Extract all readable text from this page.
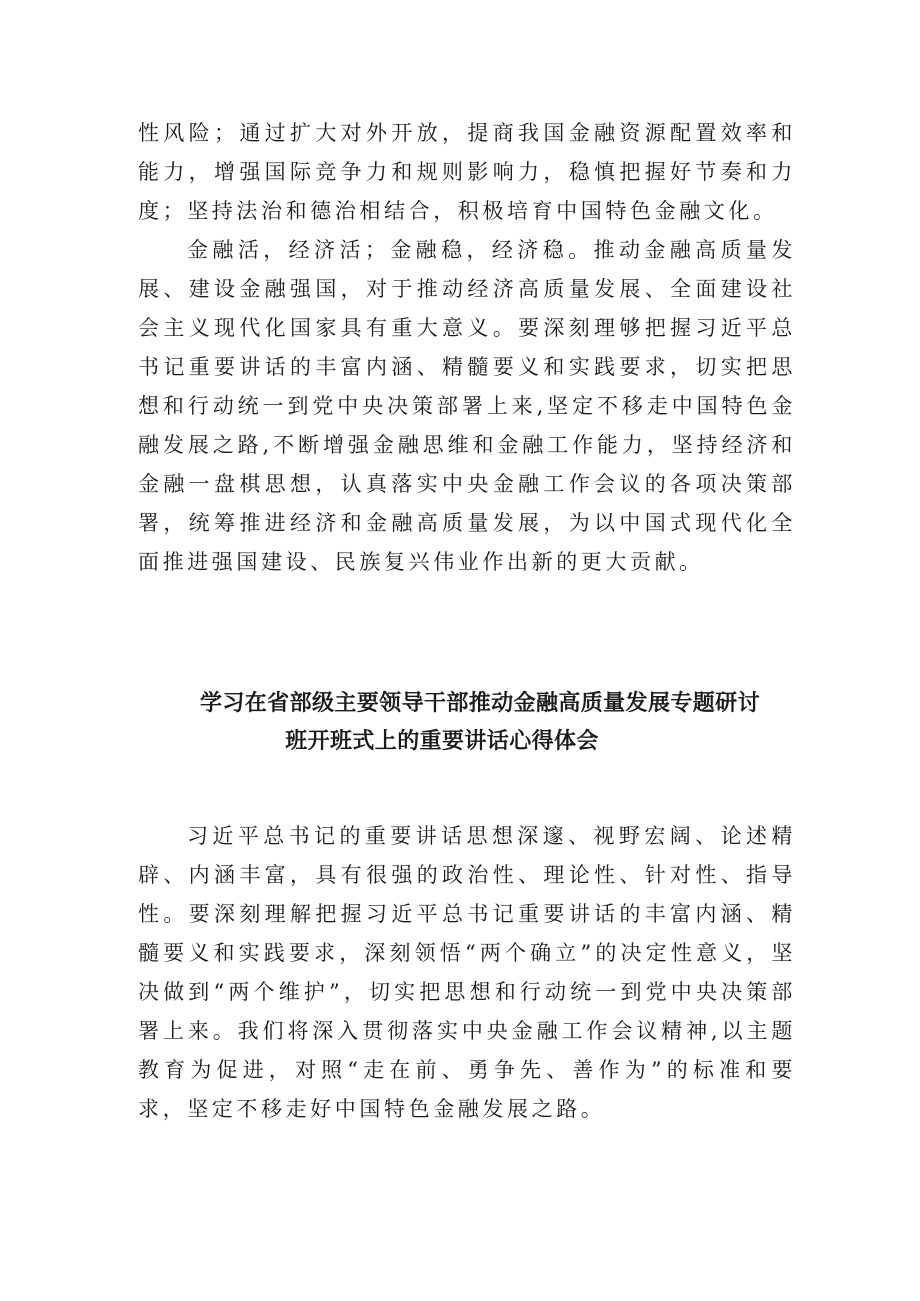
性风险；通过扩大对外开放，提商我国金融资源配置效率和能力，增强国际竞争力和规则影响力，稳慎把握好节奏和力度；坚持法治和德治相结合，积极培育中国特色金融文化。

金融活，经济活；金融稳，经济稳。推动金融高质量发展、建设金融强国，对于推动经济高质量发展、全面建设社会主义现代化国家具有重大意义。要深刻理够把握习近平总书记重要讲话的丰富内涵、精髓要义和实践要求，切实把思想和行动统一到党中央决策部署上来,坚定不移走中国特色金融发展之路,不断增强金融思维和金融工作能力，坚持经济和金融一盘棋思想，认真落实中央金融工作会议的各项决策部署，统筹推进经济和金融高质量发展，为以中国式现代化全面推进强国建设、民族复兴伟业作出新的更大贡献。

学习在省部级主要领导干部推动金融高质量发展专题研讨
班开班式上的重要讲话心得体会

习近平总书记的重要讲话思想深邃、视野宏阔、论述精辟、内涵丰富，具有很强的政治性、理论性、针对性、指导性。要深刻理解把握习近平总书记重要讲话的丰富内涵、精髓要义和实践要求，深刻领悟“两个确立”的决定性意义，坚决做到“两个维护”，切实把思想和行动统一到党中央决策部署上来。我们将深入贯彻落实中央金融工作会议精神,以主题教育为促进，对照“走在前、勇争先、善作为”的标准和要求，坚定不移走好中国特色金融发展之路。
